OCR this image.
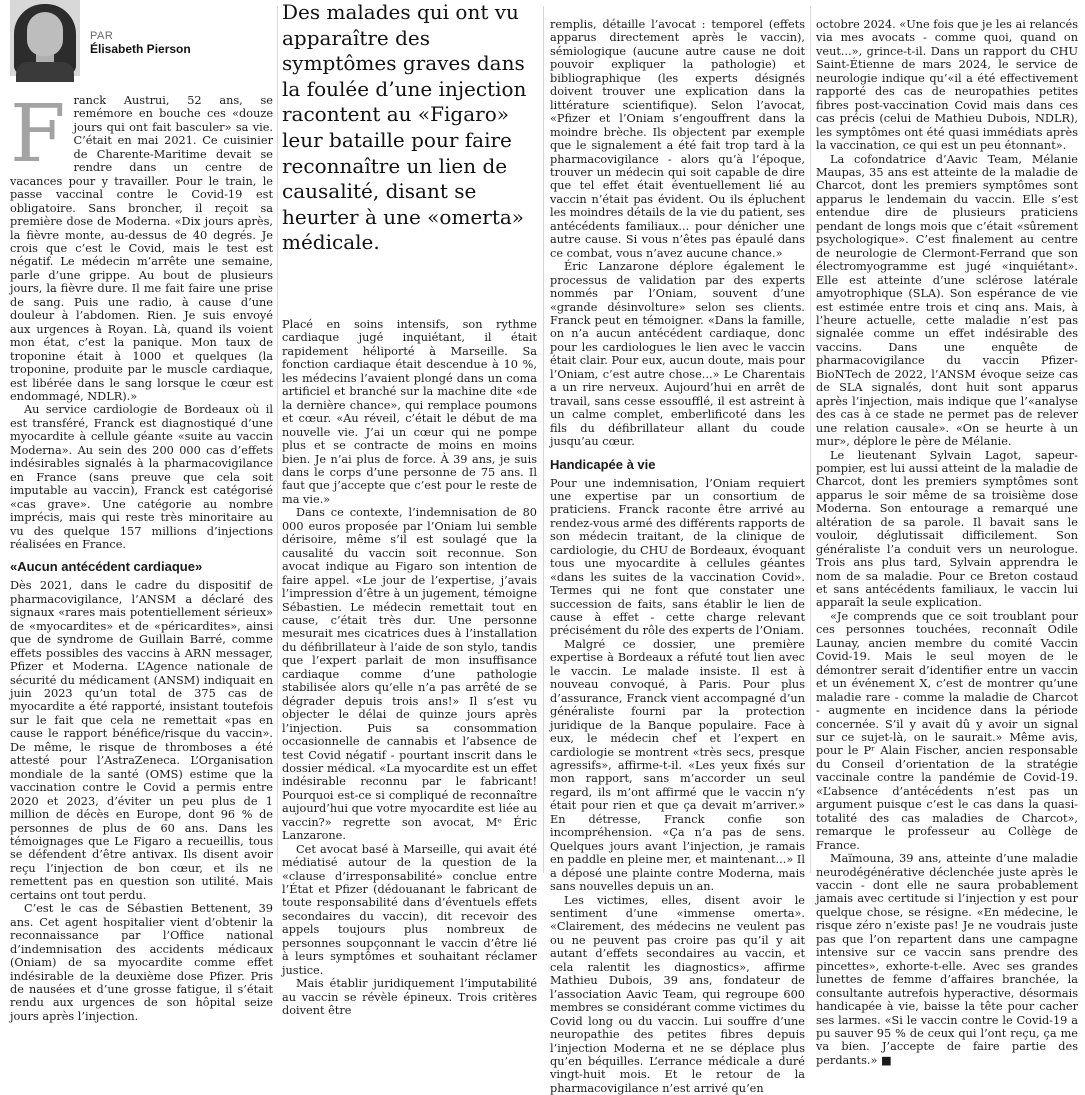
PAR
Élisabeth Pierson

Franck Austrui, 52 ans, se remémore en bouche ces «douze jours qui ont fait basculer» sa vie. C’était en mai 2021. Ce cuisinier de Charente-Maritime devait se rendre dans un centre de vacances pour y travailler. Pour le train, le passe vaccinal contre le Covid-19 est obligatoire. Sans broncher, il reçoit sa première dose de Moderna. «Dix jours après, la fièvre monte, au-dessus de 40 degrés. Je crois que c’est le Covid, mais le test est négatif. Le médecin m’arrête une semaine, parle d’une grippe. Au bout de plusieurs jours, la fièvre dure. Il me fait faire une prise de sang. Puis une radio, à cause d’une douleur à l’abdomen. Rien. Je suis envoyé aux urgences à Royan. Là, quand ils voient mon état, c’est la panique. Mon taux de troponine était à 1000 et quelques (la troponine, produite par le muscle cardiaque, est libérée dans le sang lorsque le cœur est endommagé, NDLR).»

Au service cardiologie de Bordeaux où il est transféré, Franck est diagnostiqué d’une myocardite à cellule géante «suite au vaccin Moderna». Au sein des 200 000 cas d’effets indésirables signalés à la pharmacovigilance en France (sans preuve que cela soit imputable au vaccin), Franck est catégorisé «cas grave». Une catégorie au nombre imprécis, mais qui reste très minoritaire au vu des quelque 157 millions d’injections réalisées en France.

«Aucun antécédent cardiaque»

Dès 2021, dans le cadre du dispositif de pharmacovigilance, l’ANSM a déclaré des signaux «rares mais potentiellement sérieux» de «myocardites» et de «péricardites», ainsi que de syndrome de Guillain Barré, comme effets possibles des vaccins à ARN messager, Pfizer et Moderna. L’Agence nationale de sécurité du médicament (ANSM) indiquait en juin 2023 qu’un total de 375 cas de myocardite a été rapporté, insistant toutefois sur le fait que cela ne remettait «pas en cause le rapport bénéfice/risque du vaccin». De même, le risque de thromboses a été attesté pour l’AstraZeneca. L’Organisation mondiale de la santé (OMS) estime que la vaccination contre le Covid a permis entre 2020 et 2023, d’éviter un peu plus de 1 million de décès en Europe, dont 96 % de personnes de plus de 60 ans. Dans les témoignages que Le Figaro a recueillis, tous se défendent d’être antivax. Ils disent avoir reçu l’injection de bon cœur, et ils ne remettent pas en question son utilité. Mais certains ont tout perdu.

C’est le cas de Sébastien Bettenent, 39 ans. Cet agent hospitalier vient d’obtenir la reconnaissance par l’Office national d’indemnisation des accidents médicaux (Oniam) de sa myocardite comme effet indésirable de la deuxième dose Pfizer. Pris de nausées et d’une grosse fatigue, il s’était rendu aux urgences de son hôpital seize jours après l’injection.

Des malades qui ont vu apparaître des symptômes graves dans la foulée d’une injection racontent au «Figaro» leur bataille pour faire reconnaître un lien de causalité, disant se heurter à une «omerta» médicale.

Placé en soins intensifs, son rythme cardiaque jugé inquiétant, il était rapidement héliporté à Marseille. Sa fonction cardiaque était descendue à 10 %, les médecins l’avaient plongé dans un coma artificiel et branché sur la machine dite «de la dernière chance», qui remplace poumons et cœur. «Au réveil, c’était le début de ma nouvelle vie. J’ai un cœur qui ne pompe plus et se contracte de moins en moins bien. Je n’ai plus de force. À 39 ans, je suis dans le corps d’une personne de 75 ans. Il faut que j’accepte que c’est pour le reste de ma vie.»

Dans ce contexte, l’indemnisation de 80 000 euros proposée par l’Oniam lui semble dérisoire, même s’il est soulagé que la causalité du vaccin soit reconnue. Son avocat indique au Figaro son intention de faire appel. «Le jour de l’expertise, j’avais l’impression d’être à un jugement, témoigne Sébastien. Le médecin remettait tout en cause, c’était très dur. Une personne mesurait mes cicatrices dues à l’installation du défibrillateur à l’aide de son stylo, tandis que l’expert parlait de mon insuffisance cardiaque comme d’une pathologie stabilisée alors qu’elle n’a pas arrêté de se dégrader depuis trois ans!» Il s’est vu objecter le délai de quinze jours après l’injection. Puis sa consommation occasionnelle de cannabis et l’absence de test Covid négatif - pourtant inscrit dans le dossier médical. «La myocardite est un effet indésirable reconnu par le fabricant! Pourquoi est-ce si compliqué de reconnaître aujourd’hui que votre myocardite est liée au vaccin?» regrette son avocat, Mᵉ Éric Lanzarone.

Cet avocat basé à Marseille, qui avait été médiatisé autour de la question de la «clause d’irresponsabilité» conclue entre l’État et Pfizer (dédouanant le fabricant de toute responsabilité dans d’éventuels effets secondaires du vaccin), dit recevoir des appels toujours plus nombreux de personnes soupçonnant le vaccin d’être lié à leurs symptômes et souhaitant réclamer justice.

Mais établir juridiquement l’imputabilité au vaccin se révèle épineux. Trois critères doivent être

remplis, détaille l’avocat : temporel (effets apparus directement après le vaccin), sémiologique (aucune autre cause ne doit pouvoir expliquer la pathologie) et bibliographique (les experts désignés doivent trouver une explication dans la littérature scientifique). Selon l’avocat, «Pfizer et l’Oniam s’engouffrent dans la moindre brèche. Ils objectent par exemple que le signalement a été fait trop tard à la pharmacovigilance - alors qu’à l’époque, trouver un médecin qui soit capable de dire que tel effet était éventuellement lié au vaccin n’était pas évident. Ou ils épluchent les moindres détails de la vie du patient, ses antécédents familiaux... pour dénicher une autre cause. Si vous n’êtes pas épaulé dans ce combat, vous n’avez aucune chance.»

Éric Lanzarone déplore également le processus de validation par des experts nommés par l’Oniam, souvent d’une «grande désinvolture» selon ses clients. Franck peut en témoigner. «Dans la famille, on n’a aucun antécédent cardiaque, donc pour les cardiologues le lien avec le vaccin était clair. Pour eux, aucun doute, mais pour l’Oniam, c’est autre chose...» Le Charentais a un rire nerveux. Aujourd’hui en arrêt de travail, sans cesse essoufflé, il est astreint à un calme complet, emberlificoté dans les fils du défibrillateur allant du coude jusqu’au cœur.

Handicapée à vie

Pour une indemnisation, l’Oniam requiert une expertise par un consortium de praticiens. Franck raconte être arrivé au rendez-vous armé des différents rapports de son médecin traitant, de la clinique de cardiologie, du CHU de Bordeaux, évoquant tous une myocardite à cellules géantes «dans les suites de la vaccination Covid». Termes qui ne font que constater une succession de faits, sans établir le lien de cause à effet - cette charge relevant précisément du rôle des experts de l’Oniam.

Malgré ce dossier, une première expertise à Bordeaux a réfuté tout lien avec le vaccin. Le malade insiste. Il est à nouveau convoqué, à Paris. Pour plus d’assurance, Franck vient accompagné d’un généraliste fourni par la protection juridique de la Banque populaire. Face à eux, le médecin chef et l’expert en cardiologie se montrent «très secs, presque agressifs», affirme-t-il. «Les yeux fixés sur mon rapport, sans m’accorder un seul regard, ils m’ont affirmé que le vaccin n’y était pour rien et que ça devait m’arriver.» En détresse, Franck confie son incompréhension. «Ça n’a pas de sens. Quelques jours avant l’injection, je ramais en paddle en pleine mer, et maintenant...» Il a déposé une plainte contre Moderna, mais sans nouvelles depuis un an.

Les victimes, elles, disent avoir le sentiment d’une «immense omerta». «Clairement, des médecins ne veulent pas ou ne peuvent pas croire pas qu’il y ait autant d’effets secondaires au vaccin, et cela ralentit les diagnostics», affirme Mathieu Dubois, 39 ans, fondateur de l’association Aavic Team, qui regroupe 600 membres se considérant comme victimes du Covid long ou du vaccin. Lui souffre d’une neuropathie des petites fibres depuis l’injection Moderna et ne se déplace plus qu’en béquilles. L’errance médicale a duré vingt-huit mois. Et le retour de la pharmacovigilance n’est arrivé qu’en

octobre 2024. «Une fois que je les ai relancés via mes avocats - comme quoi, quand on veut...», grince-t-il. Dans un rapport du CHU Saint-Étienne de mars 2024, le service de neurologie indique qu’«il a été effectivement rapporté des cas de neuropathies petites fibres post-vaccination Covid mais dans ces cas précis (celui de Mathieu Dubois, NDLR), les symptômes ont été quasi immédiats après la vaccination, ce qui est un peu étonnant».

La cofondatrice d’Aavic Team, Mélanie Maupas, 35 ans est atteinte de la maladie de Charcot, dont les premiers symptômes sont apparus le lendemain du vaccin. Elle s’est entendue dire de plusieurs praticiens pendant de longs mois que c’était «sûrement psychologique». C’est finalement au centre de neurologie de Clermont-Ferrand que son électromyogramme est jugé «inquiétant». Elle est atteinte d’une sclérose latérale amyotrophique (SLA). Son espérance de vie est estimée entre trois et cinq ans. Mais, à l’heure actuelle, cette maladie n’est pas signalée comme un effet indésirable des vaccins. Dans une enquête de pharmacovigilance du vaccin Pfizer-BioNTech de 2022, l’ANSM évoque seize cas de SLA signalés, dont huit sont apparus après l’injection, mais indique que l’«analyse des cas à ce stade ne permet pas de relever une relation causale». «On se heurte à un mur», déplore le père de Mélanie.

Le lieutenant Sylvain Lagot, sapeur-pompier, est lui aussi atteint de la maladie de Charcot, dont les premiers symptômes sont apparus le soir même de sa troisième dose Moderna. Son entourage a remarqué une altération de sa parole. Il bavait sans le vouloir, déglutissait difficilement. Son généraliste l’a conduit vers un neurologue. Trois ans plus tard, Sylvain apprendra le nom de sa maladie. Pour ce Breton costaud et sans antécédents familiaux, le vaccin lui apparaît la seule explication.

«Je comprends que ce soit troublant pour ces personnes touchées, reconnaît Odile Launay, ancien membre du comité Vaccin Covid-19. Mais le seul moyen de le démontrer serait d’identifier entre un vaccin et un événement X, c’est de montrer qu’une maladie rare - comme la maladie de Charcot - augmente en incidence dans la période concernée. S’il y avait dû y avoir un signal sur ce sujet-là, on le saurait.» Même avis, pour le Pʳ Alain Fischer, ancien responsable du Conseil d’orientation de la stratégie vaccinale contre la pandémie de Covid-19. «L’absence d’antécédents n’est pas un argument puisque c’est le cas dans la quasi-totalité des cas maladies de Charcot», remarque le professeur au Collège de France.

Maïmouna, 39 ans, atteinte d’une maladie neurodégénérative déclenchée juste après le vaccin - dont elle ne saura probablement jamais avec certitude si l’injection y est pour quelque chose, se résigne. «En médecine, le risque zéro n’existe pas! Je ne voudrais juste pas que l’on repartent dans une campagne intensive sur ce vaccin sans prendre des pincettes», exhorte-t-elle. Avec ses grandes lunettes de femme d’affaires branchée, la consultante autrefois hyperactive, désormais handicapée à vie, baisse la tête pour cacher ses larmes. «Si le vaccin contre le Covid-19 a pu sauver 95 % de ceux qui l’ont reçu, ça me va bien. J’accepte de faire partie des perdants.» ■
